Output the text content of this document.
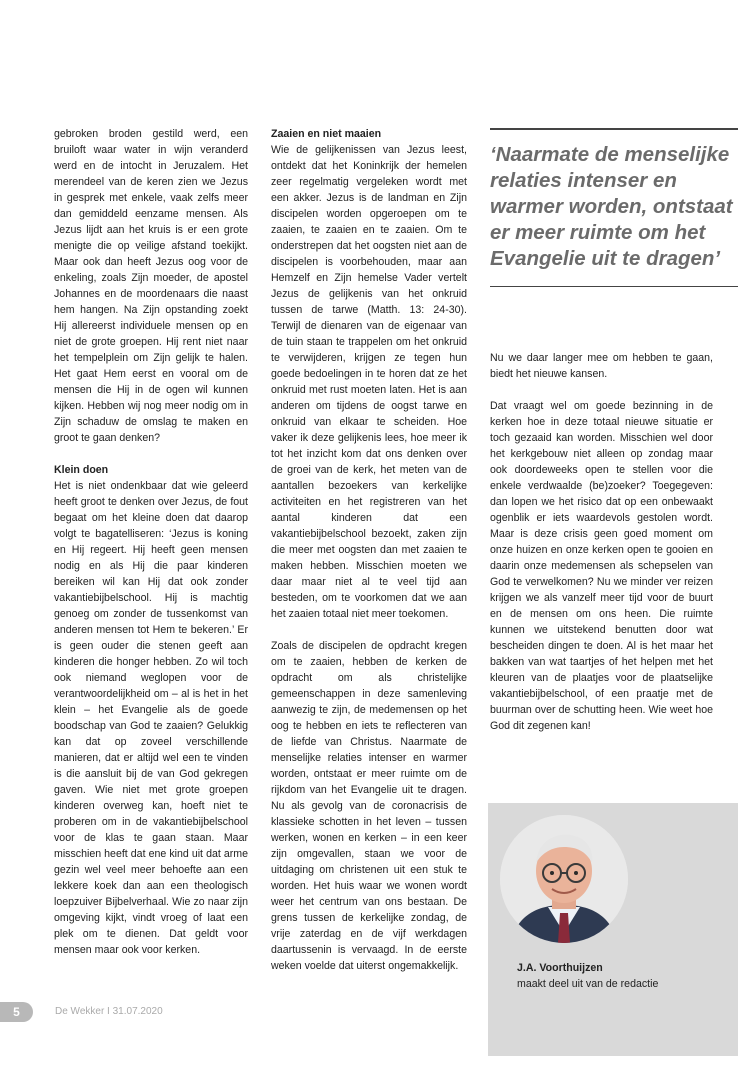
gebroken broden gestild werd, een bruiloft waar water in wijn veranderd werd en de intocht in Jeruzalem. Het merendeel van de keren zien we Jezus in gesprek met enkele, vaak zelfs meer dan gemiddeld eenzame mensen. Als Jezus lijdt aan het kruis is er een grote menigte die op veilige afstand toekijkt. Maar ook dan heeft Jezus oog voor de enkeling, zoals Zijn moeder, de apostel Johannes en de moordenaars die naast hem hangen. Na Zijn opstanding zoekt Hij allereerst individuele mensen op en niet de grote groepen. Hij rent niet naar het tempelplein om Zijn gelijk te halen. Het gaat Hem eerst en vooral om de mensen die Hij in de ogen wil kunnen kijken. Hebben wij nog meer nodig om in Zijn schaduw de omslag te maken en groot te gaan denken?

Klein doen

Het is niet ondenkbaar dat wie geleerd heeft groot te denken over Jezus, de fout begaat om het kleine doen dat daarop volgt te bagatelliseren: ‘Jezus is koning en Hij regeert. Hij heeft geen mensen nodig en als Hij die paar kinderen bereiken wil kan Hij dat ook zonder vakantiebijbelschool. Hij is machtig genoeg om zonder de tussenkomst van anderen mensen tot Hem te bekeren.’ Er is geen ouder die stenen geeft aan kinderen die honger hebben. Zo wil toch ook niemand weglopen voor de verantwoordelijkheid om – al is het in het klein – het Evangelie als de goede boodschap van God te zaaien? Gelukkig kan dat op zoveel verschillende manieren, dat er altijd wel een te vinden is die aansluit bij de van God gekregen gaven. Wie niet met grote groepen kinderen overweg kan, hoeft niet te proberen om in de vakantiebijbelschool voor de klas te gaan staan. Maar misschien heeft dat ene kind uit dat arme gezin wel veel meer behoefte aan een lekkere koek dan aan een theologisch loepzuiver Bijbelverhaal. Wie zo naar zijn omgeving kijkt, vindt vroeg of laat een plek om te dienen. Dat geldt voor mensen maar ook voor kerken.

Zaaien en niet maaien

Wie de gelijkenissen van Jezus leest, ontdekt dat het Koninkrijk der hemelen zeer regelmatig vergeleken wordt met een akker. Jezus is de landman en Zijn discipelen worden opgeroepen om te zaaien, te zaaien en te zaaien. Om te onderstrepen dat het oogsten niet aan de discipelen is voorbehouden, maar aan Hemzelf en Zijn hemelse Vader vertelt Jezus de gelijkenis van het onkruid tussen de tarwe (Matth. 13: 24-30). Terwijl de dienaren van de eigenaar van de tuin staan te trappelen om het onkruid te verwijderen, krijgen ze tegen hun goede bedoelingen in te horen dat ze het onkruid met rust moeten laten. Het is aan anderen om tijdens de oogst tarwe en onkruid van elkaar te scheiden. Hoe vaker ik deze gelijkenis lees, hoe meer ik tot het inzicht kom dat ons denken over de groei van de kerk, het meten van de aantallen bezoekers van kerkelijke activiteiten en het registreren van het aantal kinderen dat een vakantiebijbelschool bezoekt, zaken zijn die meer met oogsten dan met zaaien te maken hebben. Misschien moeten we daar maar niet al te veel tijd aan besteden, om te voorkomen dat we aan het zaaien totaal niet meer toekomen.

Zoals de discipelen de opdracht kregen om te zaaien, hebben de kerken de opdracht om als christelijke gemeenschappen in deze samenleving aanwezig te zijn, de medemensen op het oog te hebben en iets te reflecteren van de liefde van Christus. Naarmate de menselijke relaties intenser en warmer worden, ontstaat er meer ruimte om de rijkdom van het Evangelie uit te dragen. Nu als gevolg van de coronacrisis de klassieke schotten in het leven – tussen werken, wonen en kerken – in een keer zijn omgevallen, staan we voor de uitdaging om christenen uit een stuk te worden. Het huis waar we wonen wordt weer het centrum van ons bestaan. De grens tussen de kerkelijke zondag, de vrije zaterdag en de vijf werkdagen daartussenin is vervaagd. In de eerste weken voelde dat uiterst ongemakkelijk.

‘Naarmate de menselijke relaties intenser en warmer worden, ontstaat er meer ruimte om het Evangelie uit te dragen’

Nu we daar langer mee om hebben te gaan, biedt het nieuwe kansen.

Dat vraagt wel om goede bezinning in de kerken hoe in deze totaal nieuwe situatie er toch gezaaid kan worden. Misschien wel door het kerkgebouw niet alleen op zondag maar ook doordeweeks open te stellen voor die enkele verdwaalde (be)zoeker? Toegegeven: dan lopen we het risico dat op een onbewaakt ogenblik er iets waardevols gestolen wordt. Maar is deze crisis geen goed moment om onze huizen en onze kerken open te gooien en daarin onze medemensen als schepselen van God te verwelkomen? Nu we minder ver reizen krijgen we als vanzelf meer tijd voor de buurt en de mensen om ons heen. Die ruimte kunnen we uitstekend benutten door wat bescheiden dingen te doen. Al is het maar het bakken van wat taartjes of het helpen met het kleuren van de plaatjes voor de plaatselijke vakantiebijbelschool, of een praatje met de buurman over de schutting heen. Wie weet hoe God dit zegenen kan!

J.A. Voorthuijzen
maakt deel uit van de redactie
5	De Wekker I 31.07.2020
